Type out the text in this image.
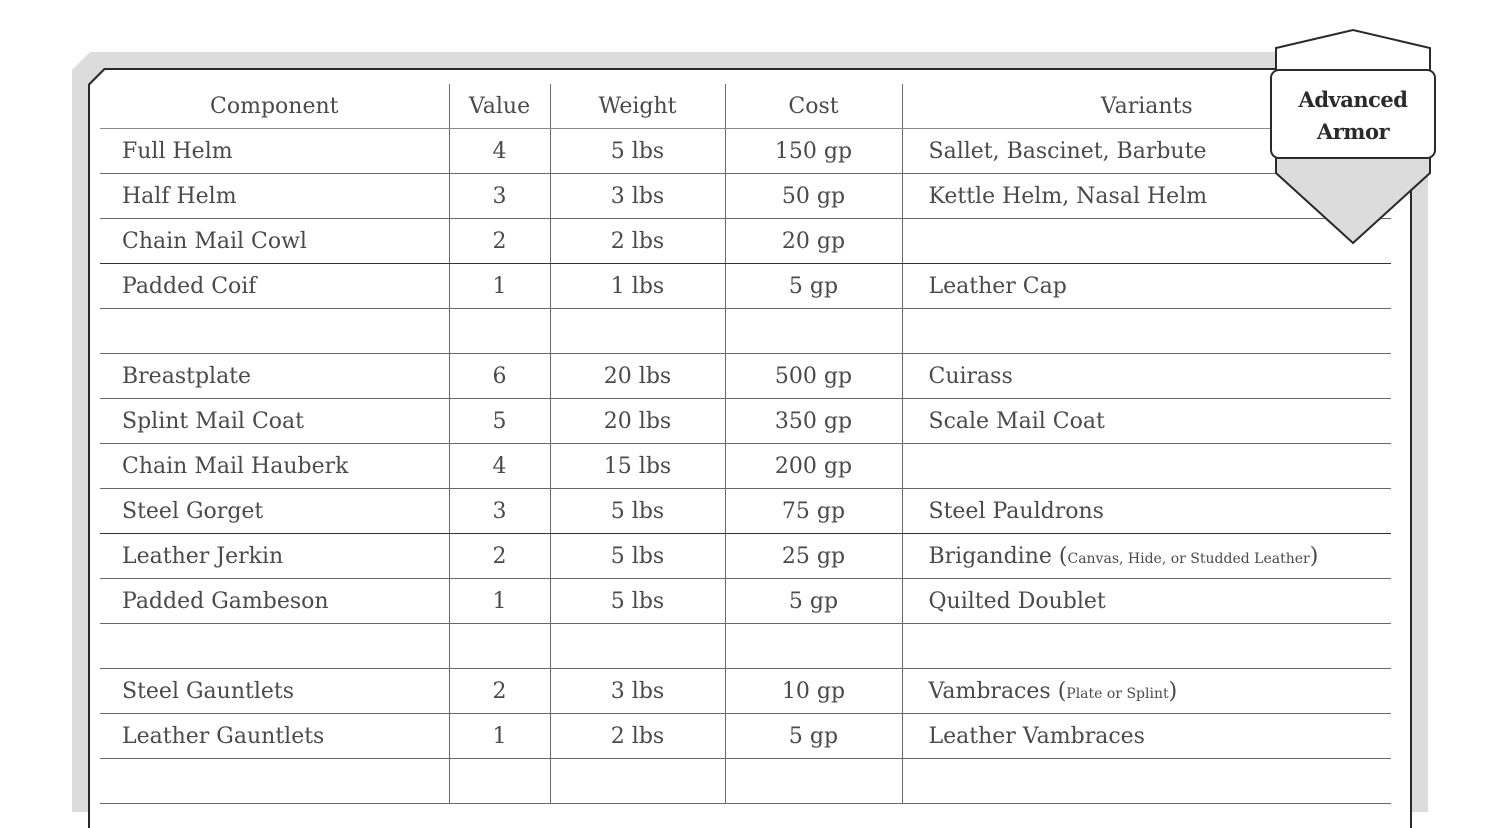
Component	Value	Weight	Cost	Variants
Full Helm	4	5 lbs	150 gp	Sallet, Bascinet, Barbute
Half Helm	3	3 lbs	50 gp	Kettle Helm, Nasal Helm
Chain Mail Cowl	2	2 lbs	20 gp	
Padded Coif	1	1 lbs	5 gp	Leather Cap

Breastplate	6	20 lbs	500 gp	Cuirass
Splint Mail Coat	5	20 lbs	350 gp	Scale Mail Coat
Chain Mail Hauberk	4	15 lbs	200 gp	
Steel Gorget	3	5 lbs	75 gp	Steel Pauldrons
Leather Jerkin	2	5 lbs	25 gp	Brigandine (Canvas, Hide, or Studded Leather)
Padded Gambeson	1	5 lbs	5 gp	Quilted Doublet

Steel Gauntlets	2	3 lbs	10 gp	Vambraces (Plate or Splint)
Leather Gauntlets	1	2 lbs	5 gp	Leather Vambraces

Advanced
Armor
